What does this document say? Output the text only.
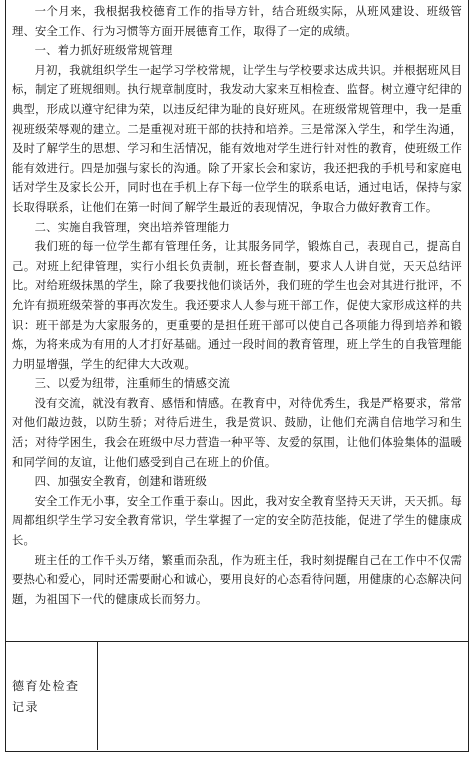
一个月来，我根据我校德育工作的指导方针，结合班级实际，从班风建设、班级管理、安全工作、行为习惯等方面开展德育工作，取得了一定的成绩。

一、着力抓好班级常规管理

月初，我就组织学生一起学习学校常规，让学生与学校要求达成共识。并根据班风目标，制定了班规细则。执行规章制度时，我发动大家来互相检查、监督。树立遵守纪律的典型，形成以遵守纪律为荣，以违反纪律为耻的良好班风。在班级常规管理中，我一是重视班级荣辱观的建立。二是重视对班干部的扶持和培养。三是常深入学生，和学生沟通，及时了解学生的思想、学习和生活情况，能有效地对学生进行针对性的教育，使班级工作能有效进行。四是加强与家长的沟通。除了开家长会和家访，我还把我的手机号和家庭电话对学生及家长公开，同时也在手机上存下每一位学生的联系电话，通过电话，保持与家长取得联系，让他们在第一时间了解学生最近的表现情况，争取合力做好教育工作。

二、实施自我管理，突出培养管理能力

我们班的每一位学生都有管理任务，让其服务同学，锻炼自己，表现自己，提高自己。对班上纪律管理，实行小组长负责制，班长督查制，要求人人讲自觉，天天总结评比。对给班级抹黑的学生，除了我要找他们谈话外，我们班的学生也会对其进行批评，不允许有损班级荣誉的事再次发生。我还要求人人参与班干部工作，促使大家形成这样的共识：班干部是为大家服务的，更重要的是担任班干部可以使自己各项能力得到培养和锻炼，为将来成为有用的人才打好基础。通过一段时间的教育管理，班上学生的自我管理能力明显增强，学生的纪律大大改观。

三、以爱为纽带，注重师生的情感交流

没有交流，就没有教育、感悟和情感。在教育中，对待优秀生，我是严格要求，常常对他们敲边鼓，以防生骄；对待后进生，我是赏识、鼓励，让他们充满自信地学习和生活；对待学困生，我会在班级中尽力营造一种平等、友爱的氛围，让他们体验集体的温暖和同学间的友谊，让他们感受到自己在班上的价值。

四、加强安全教育，创建和谐班级

安全工作无小事，安全工作重于泰山。因此，我对安全教育坚持天天讲，天天抓。每周都组织学生学习安全教育常识，学生掌握了一定的安全防范技能，促进了学生的健康成长。

班主任的工作千头万绪，繁重而杂乱，作为班主任，我时刻提醒自己在工作中不仅需要热心和爱心，同时还需要耐心和诚心，要用良好的心态看待问题，用健康的心态解决问题，为祖国下一代的健康成长而努力。

德育处检查
记录
